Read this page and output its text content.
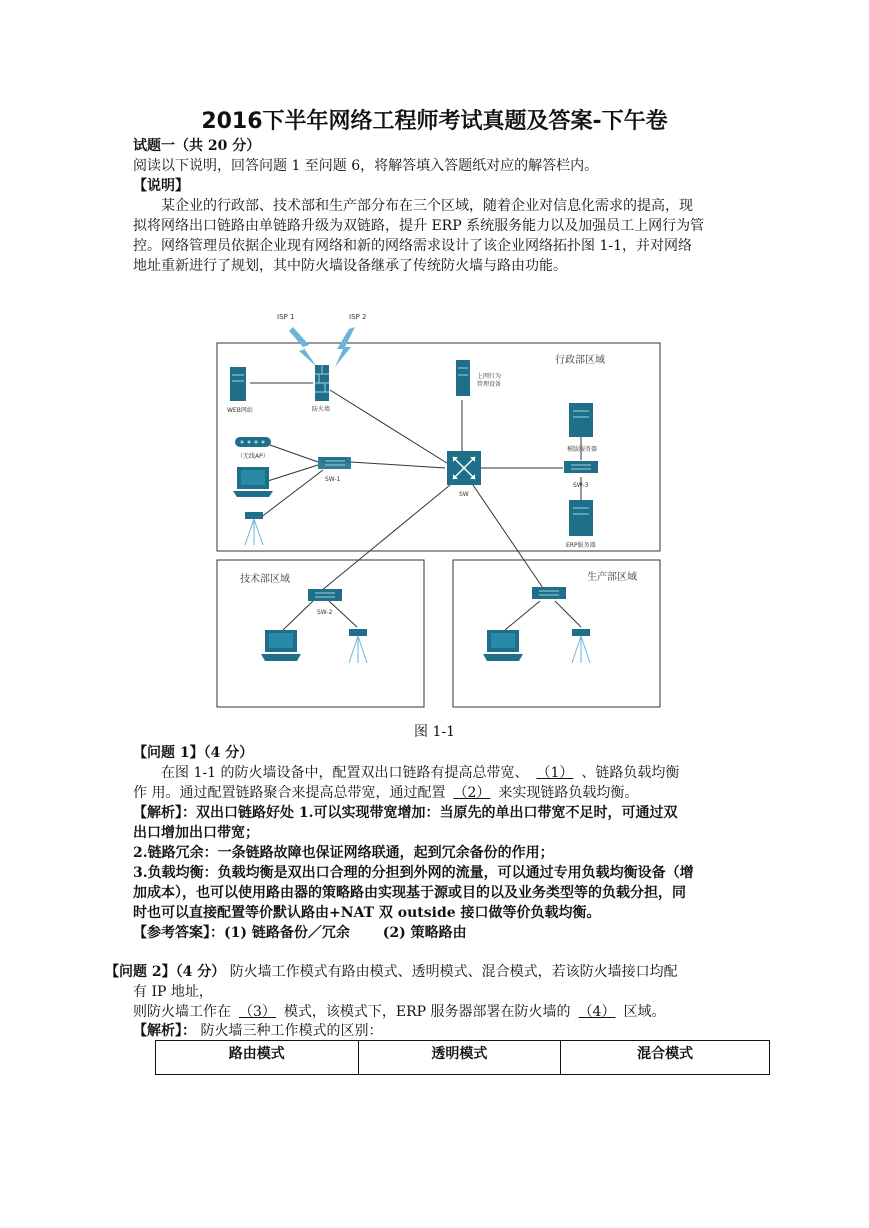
2016下半年网络工程师考试真题及答案-下午卷
试题一（共 20 分）
阅读以下说明，回答问题 1 至问题 6，将解答填入答题纸对应的解答栏内。
【说明】
某企业的行政部、技术部和生产部分布在三个区域，随着企业对信息化需求的提高，现
拟将网络出口链路由单链路升级为双链路，提升 ERP 系统服务能力以及加强员工上网行为管
控。网络管理员依据企业现有网络和新的网络需求设计了该企业网络拓扑图 1-1，并对网络
地址重新进行了规划，其中防火墙设备继承了传统防火墙与路由功能。
ISP 1	ISP 2
WEB网站	防火墙
上网行为
管理设备
行政部区域
（无线AP）
SW-1
SW
模版服务器
SW-3
ERP服务器
技术部区域
SW-2
生产部区域
图 1-1
【问题 1】（4 分）
在图 1-1 的防火墙设备中，配置双出口链路有提高总带宽、 （1） 、链路负载均衡
作 用。通过配置链路聚合来提高总带宽，通过配置 （2） 来实现链路负载均衡。
【解析】：双出口链路好处 1.可以实现带宽增加：当原先的单出口带宽不足时，可通过双
出口增加出口带宽；
2.链路冗余：一条链路故障也保证网络联通，起到冗余备份的作用；
3.负载均衡：负载均衡是双出口合理的分担到外网的流量，可以通过专用负载均衡设备（增
加成本），也可以使用路由器的策略路由实现基于源或目的以及业务类型等的负载分担，同
时也可以直接配置等价默认路由+NAT 双 outside 接口做等价负载均衡。
【参考答案】：(1) 链路备份／冗余　　 (2) 策略路由
【问题 2】（4 分） 防火墙工作模式有路由模式、透明模式、混合模式，若该防火墙接口均配
有 IP 地址，
则防火墙工作在 （3） 模式，该模式下，ERP 服务器部署在防火墙的 （4） 区域。
【解析】： 防火墙三种工作模式的区别：
路由模式	透明模式	混合模式
